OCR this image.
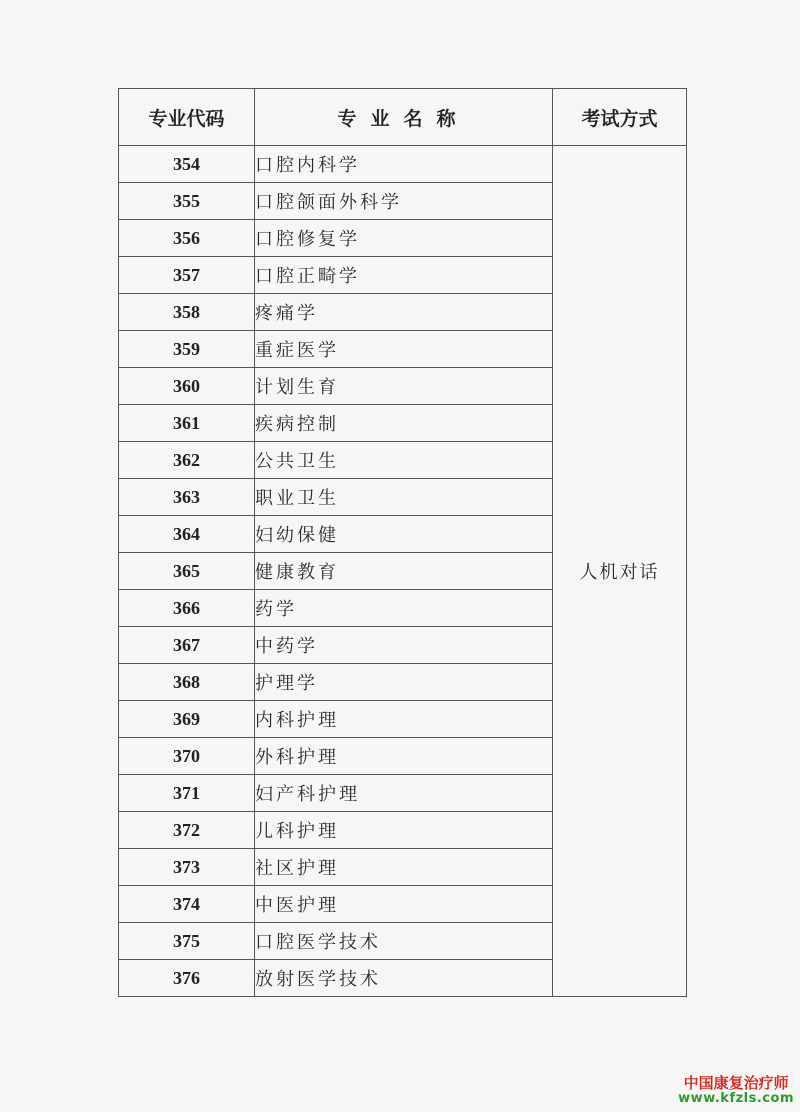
专业代码	专业名称	考试方式
354	口腔内科学	人机对话
355	口腔颌面外科学	
356	口腔修复学	
357	口腔正畸学	
358	疼痛学	
359	重症医学	
360	计划生育	
361	疾病控制	
362	公共卫生	
363	职业卫生	
364	妇幼保健	
365	健康教育	
366	药学	
367	中药学	
368	护理学	
369	内科护理	
370	外科护理	
371	妇产科护理	
372	儿科护理	
373	社区护理	
374	中医护理	
375	口腔医学技术	
376	放射医学技术	
中国康复治疗师
www.kfzls.com
